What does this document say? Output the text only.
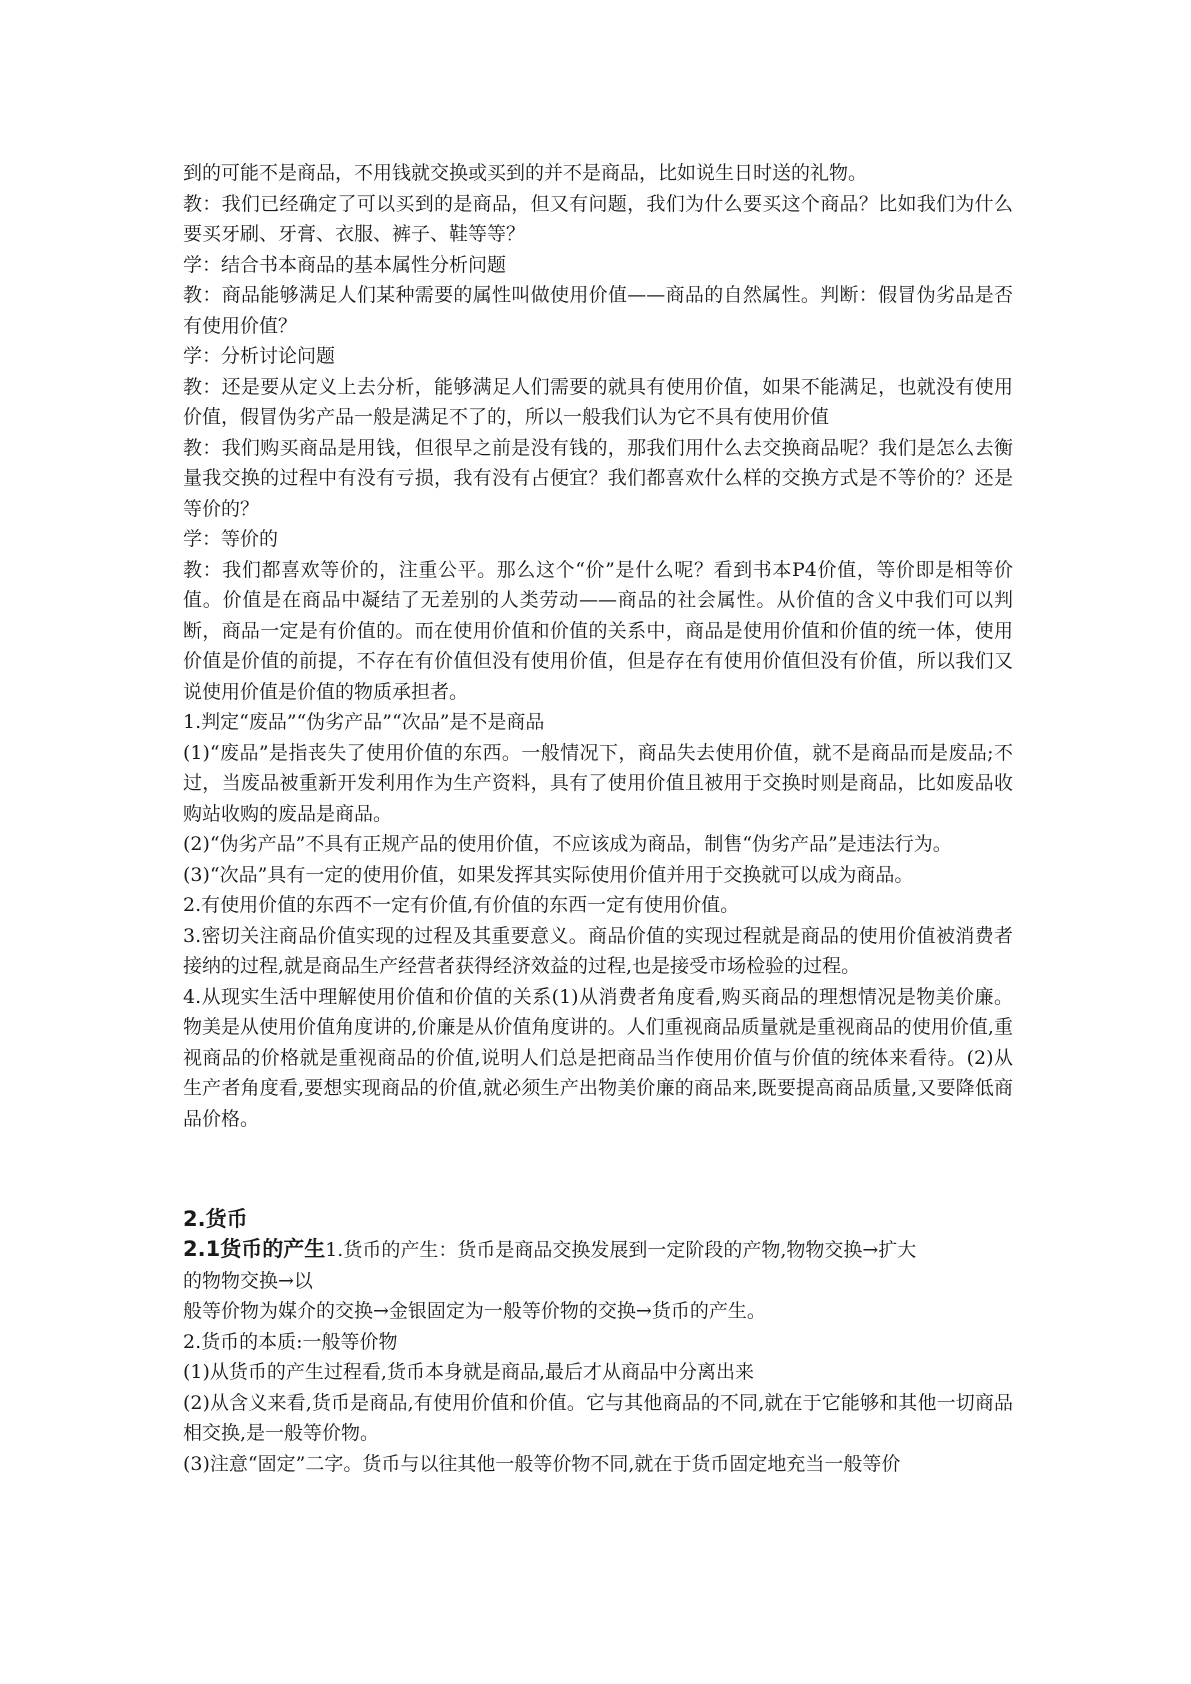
到的可能不是商品，不用钱就交换或买到的并不是商品，比如说生日时送的礼物。

教：我们已经确定了可以买到的是商品，但又有问题，我们为什么要买这个商品？比如我们为什么要买牙刷、牙膏、衣服、裤子、鞋等等？

学：结合书本商品的基本属性分析问题

教：商品能够满足人们某种需要的属性叫做使用价值——商品的自然属性。判断：假冒伪劣品是否有使用价值？

学：分析讨论问题

教：还是要从定义上去分析，能够满足人们需要的就具有使用价值，如果不能满足，也就没有使用价值，假冒伪劣产品一般是满足不了的，所以一般我们认为它不具有使用价值

教：我们购买商品是用钱，但很早之前是没有钱的，那我们用什么去交换商品呢？我们是怎么去衡量我交换的过程中有没有亏损，我有没有占便宜？我们都喜欢什么样的交换方式是不等价的？还是等价的？

学：等价的

教：我们都喜欢等价的，注重公平。那么这个“价”是什么呢？看到书本P4价值，等价即是相等价值。价值是在商品中凝结了无差别的人类劳动——商品的社会属性。从价值的含义中我们可以判断，商品一定是有价值的。而在使用价值和价值的关系中，商品是使用价值和价值的统一体，使用价值是价值的前提，不存在有价值但没有使用价值，但是存在有使用价值但没有价值，所以我们又说使用价值是价值的物质承担者。

1.判定“废品”“伪劣产品”“次品”是不是商品

(1)“废品”是指丧失了使用价值的东西。一般情况下，商品失去使用价值，就不是商品而是废品;不过，当废品被重新开发利用作为生产资料，具有了使用价值且被用于交换时则是商品，比如废品收购站收购的废品是商品。

(2)“伪劣产品”不具有正规产品的使用价值，不应该成为商品，制售“伪劣产品”是违法行为。

(3)“次品”具有一定的使用价值，如果发挥其实际使用价值并用于交换就可以成为商品。

2.有使用价值的东西不一定有价值,有价值的东西一定有使用价值。

3.密切关注商品价值实现的过程及其重要意义。商品价值的实现过程就是商品的使用价值被消费者接纳的过程,就是商品生产经营者获得经济效益的过程,也是接受市场检验的过程。

4.从现实生活中理解使用价值和价值的关系(1)从消费者角度看,购买商品的理想情况是物美价廉。物美是从使用价值角度讲的,价廉是从价值角度讲的。人们重视商品质量就是重视商品的使用价值,重视商品的价格就是重视商品的价值,说明人们总是把商品当作使用价值与价值的统体来看待。(2)从生产者角度看,要想实现商品的价值,就必须生产出物美价廉的商品来,既要提高商品质量,又要降低商品价格。

2.货币

2.1货币的产生1.货币的产生：货币是商品交换发展到一定阶段的产物,物物交换→扩大

的物物交换→以

般等价物为媒介的交换→金银固定为一般等价物的交换→货币的产生。

2.货币的本质:一般等价物

(1)从货币的产生过程看,货币本身就是商品,最后才从商品中分离出来

(2)从含义来看,货币是商品,有使用价值和价值。它与其他商品的不同,就在于它能够和其他一切商品相交换,是一般等价物。

(3)注意“固定”二字。货币与以往其他一般等价物不同,就在于货币固定地充当一般等价
